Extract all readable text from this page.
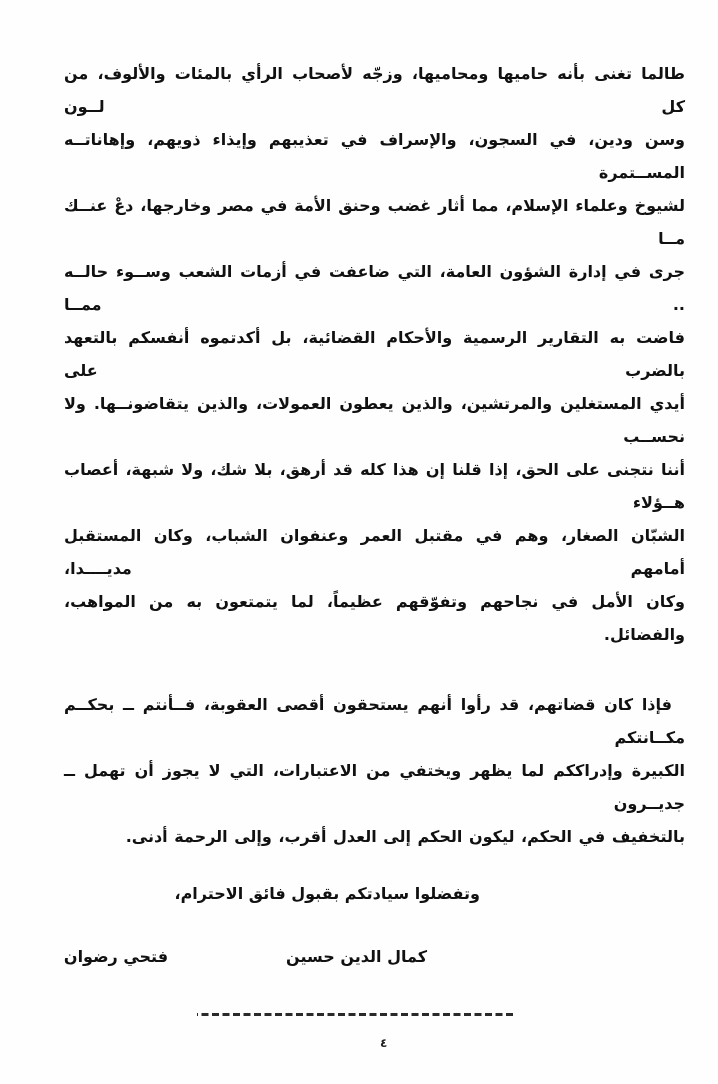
طالما تغنى بأنه حاميها ومحاميها، وزجّه لأصحاب الرأي بالمئات والألوف، من كل لــون
وسن ودين، في السجون، والإسراف في تعذيبهم وإيذاء ذويهم، وإهاناتــه المســتمرة
لشيوخ وعلماء الإسلام، مما أثار غضب وحنق الأمة في مصر وخارجها، دعْ عنــك مــا
جرى في إدارة الشؤون العامة، التي ضاعفت في أزمات الشعب وســوء حالــه .. ممــا
فاضت به التقارير الرسمية والأحكام القضائية، بل أكدتموه أنفسكم بالتعهد بالضرب على
أيدي المستغلين والمرتشين، والذين يعطون العمولات، والذين يتقاضونــها. ولا نحســب
أننا نتجنى على الحق، إذا قلنا إن هذا كله قد أرهق، بلا شك، ولا شبهة، أعصاب هــؤلاء
الشبّان الصغار، وهم في مقتبل العمر وعنفوان الشباب، وكان المستقبل أمامهم مديــــدا،
وكان الأمل في نجاحهم وتفوّقهم عظيماً، لما يتمتعون به من المواهب، والفضائل.
فإذا كان قضاتهم، قد رأوا أنهم يستحقون أقصى العقوبة، فــأنتم ــ بحكــم مكــانتكم
الكبيرة وإدراككم لما يظهر ويختفي من الاعتبارات، التي لا يجوز أن تهمل ــ جديــرون
بالتخفيف في الحكم، ليكون الحكم إلى العدل أقرب، وإلى الرحمة أدنى.
وتفضلوا سيادتكم بقبول فائق الاحترام،
كمال الدين حسين
فتحي رضوان
٤
